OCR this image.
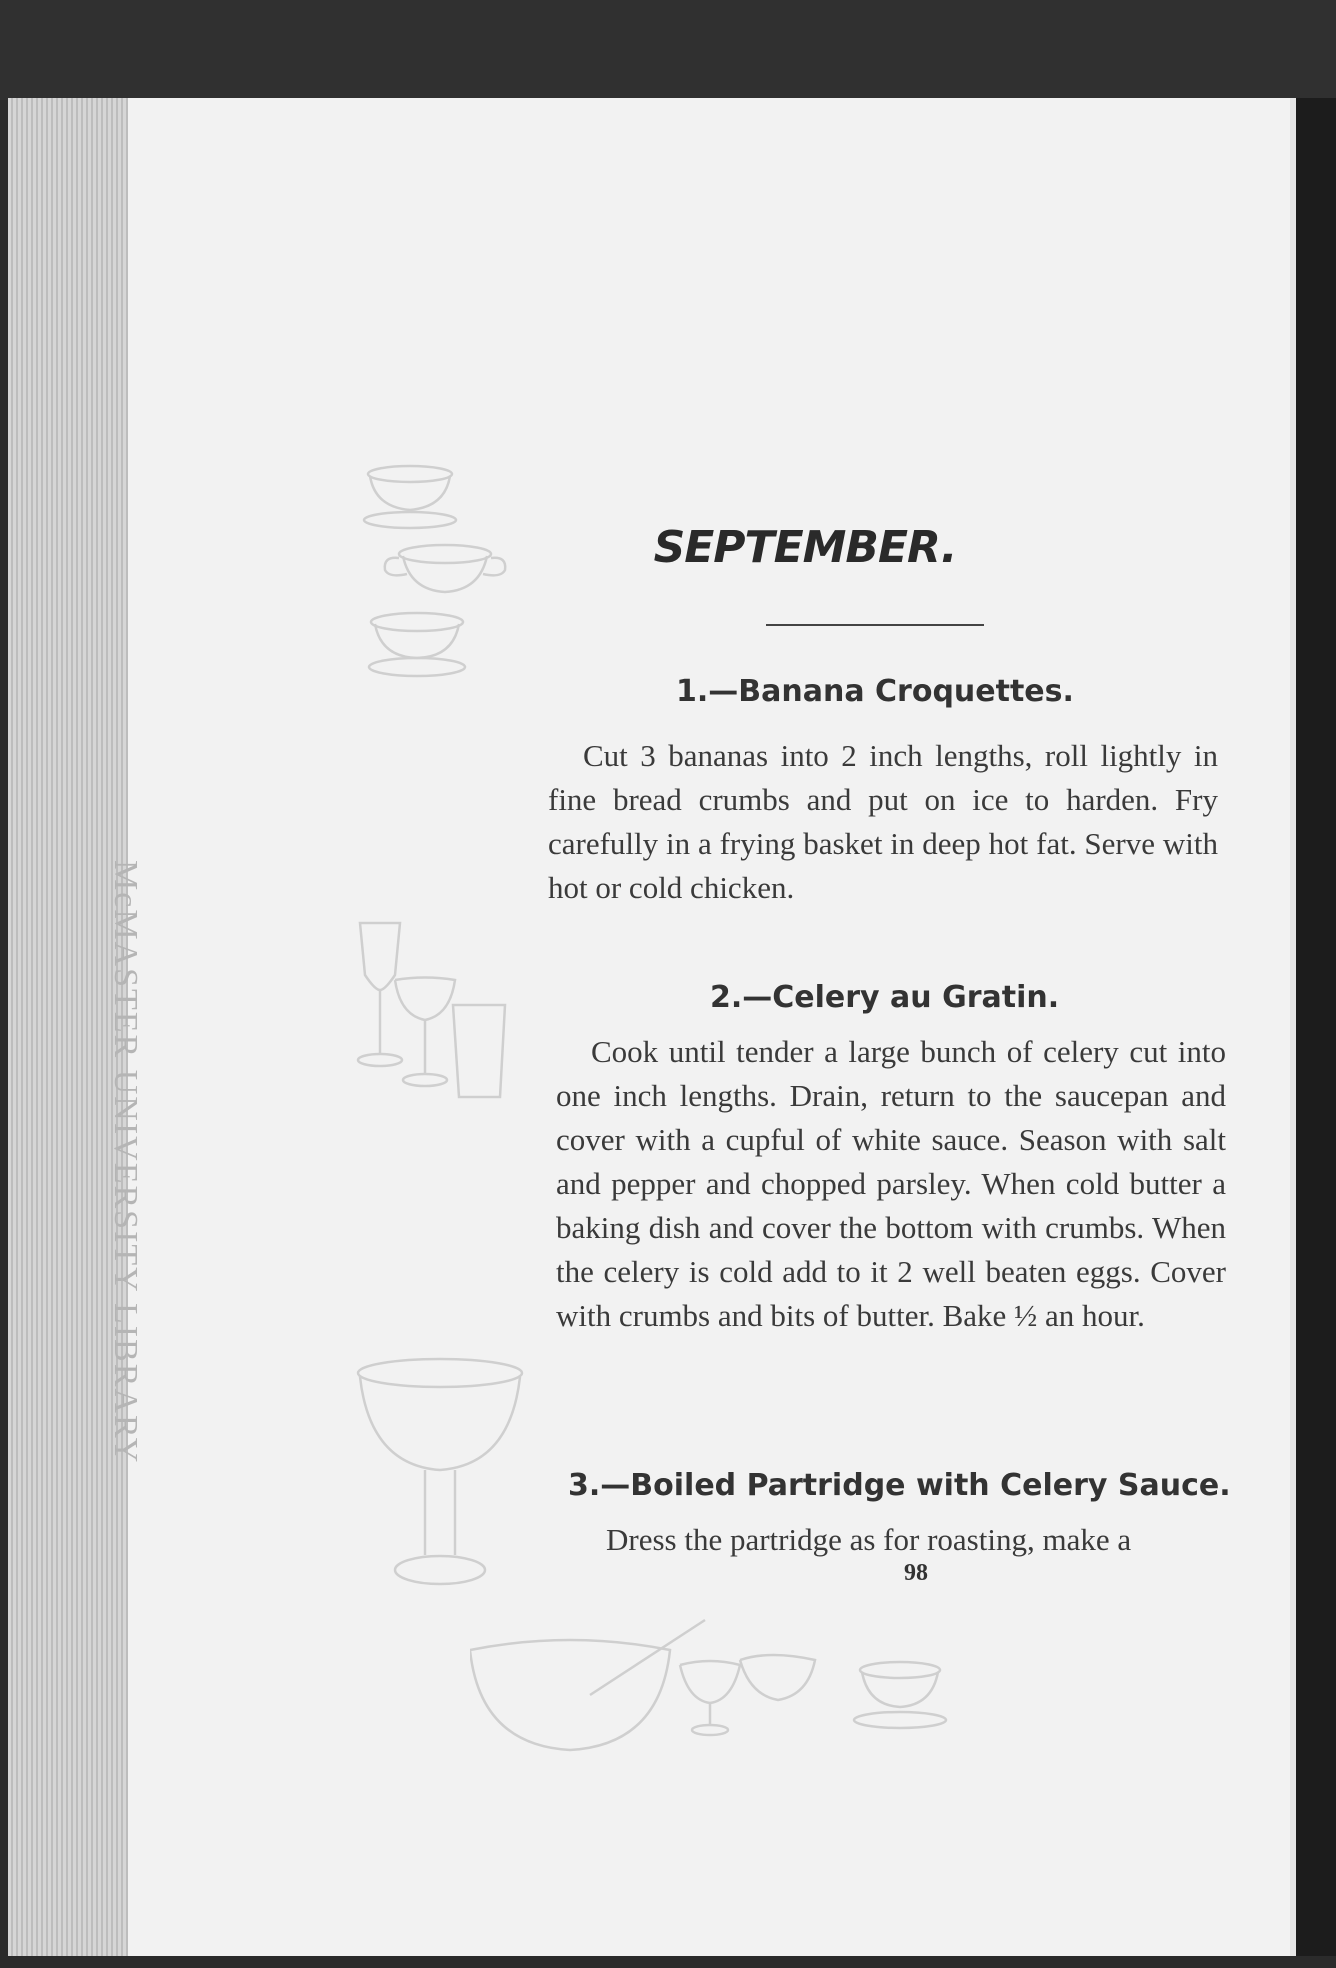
McMASTER UNIVERSITY LIBRARY
SEPTEMBER.
1.—Banana Croquettes.
Cut 3 bananas into 2 inch lengths, roll lightly in fine bread crumbs and put on ice to harden. Fry carefully in a frying basket in deep hot fat. Serve with hot or cold chicken.
2.—Celery au Gratin.
Cook until tender a large bunch of celery cut into one inch lengths. Drain, return to the saucepan and cover with a cupful of white sauce. Season with salt and pepper and chopped parsley. When cold butter a baking dish and cover the bottom with crumbs. When the celery is cold add to it 2 well beaten eggs. Cover with crumbs and bits of butter. Bake ½ an hour.
3.—Boiled Partridge with Celery Sauce.
Dress the partridge as for roasting, make a
98
